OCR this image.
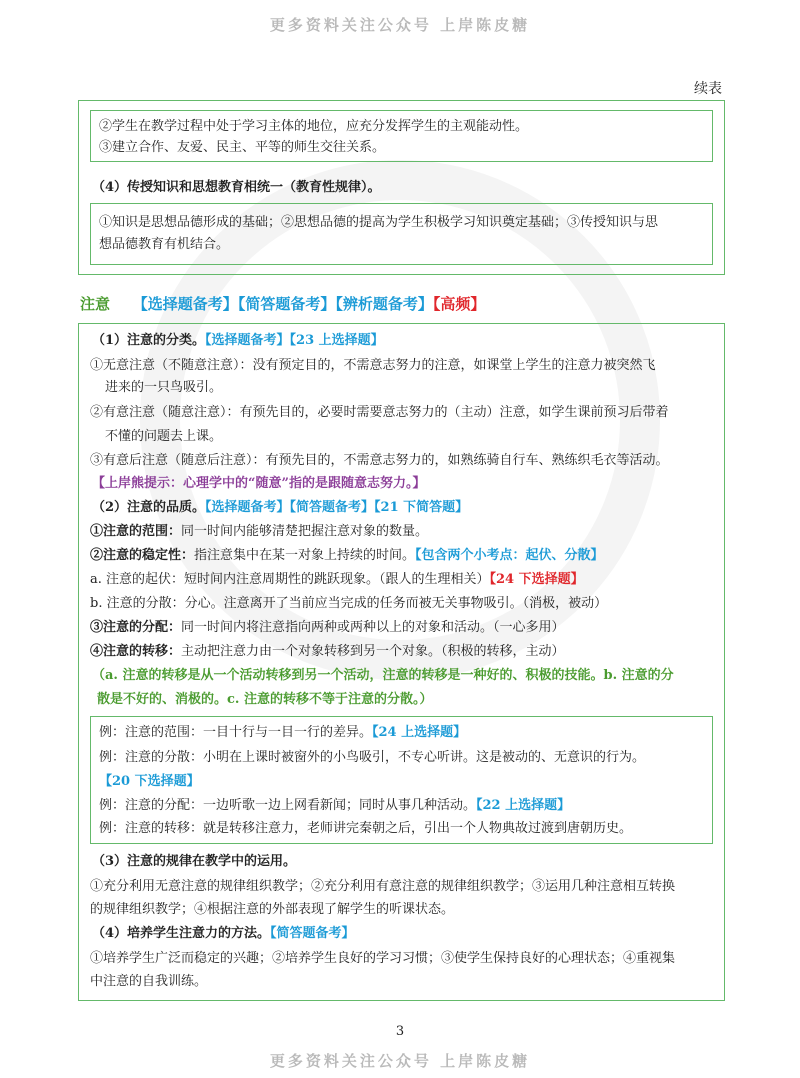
更多资料关注公众号 上岸陈皮糖
续表
②学生在教学过程中处于学习主体的地位，应充分发挥学生的主观能动性。
③建立合作、友爱、民主、平等的师生交往关系。
（4）传授知识和思想教育相统一（教育性规律）。
①知识是思想品德形成的基础；②思想品德的提高为学生积极学习知识奠定基础；③传授知识与思
想品德教育有机结合。
注意 【选择题备考】【简答题备考】【辨析题备考】【高频】
（1）注意的分类。【选择题备考】【23 上选择题】
①无意注意（不随意注意）：没有预定目的，不需意志努力的注意，如课堂上学生的注意力被突然飞
进来的一只鸟吸引。
②有意注意（随意注意）：有预先目的，必要时需要意志努力的（主动）注意，如学生课前预习后带着
不懂的问题去上课。
③有意后注意（随意后注意）：有预先目的，不需意志努力的，如熟练骑自行车、熟练织毛衣等活动。
【上岸熊提示：心理学中的“随意”指的是跟随意志努力。】
（2）注意的品质。【选择题备考】【简答题备考】【21 下简答题】
①注意的范围：同一时间内能够清楚把握注意对象的数量。
②注意的稳定性：指注意集中在某一对象上持续的时间。【包含两个小考点：起伏、分散】
a. 注意的起伏：短时间内注意周期性的跳跃现象。（跟人的生理相关）【24 下选择题】
b. 注意的分散：分心。注意离开了当前应当完成的任务而被无关事物吸引。（消极，被动）
③注意的分配：同一时间内将注意指向两种或两种以上的对象和活动。（一心多用）
④注意的转移：主动把注意力由一个对象转移到另一个对象。（积极的转移，主动）
（a. 注意的转移是从一个活动转移到另一个活动，注意的转移是一种好的、积极的技能。b. 注意的分
散是不好的、消极的。c. 注意的转移不等于注意的分散。）
例：注意的范围：一目十行与一目一行的差异。【24 上选择题】
例：注意的分散：小明在上课时被窗外的小鸟吸引，不专心听讲。这是被动的、无意识的行为。
【20 下选择题】
例：注意的分配：一边听歌一边上网看新闻；同时从事几种活动。【22 上选择题】
例：注意的转移：就是转移注意力，老师讲完秦朝之后，引出一个人物典故过渡到唐朝历史。
（3）注意的规律在教学中的运用。
①充分利用无意注意的规律组织教学；②充分利用有意注意的规律组织教学；③运用几种注意相互转换
的规律组织教学；④根据注意的外部表现了解学生的听课状态。
（4）培养学生注意力的方法。【简答题备考】
①培养学生广泛而稳定的兴趣；②培养学生良好的学习习惯；③使学生保持良好的心理状态；④重视集
中注意的自我训练。
3
更多资料关注公众号 上岸陈皮糖
